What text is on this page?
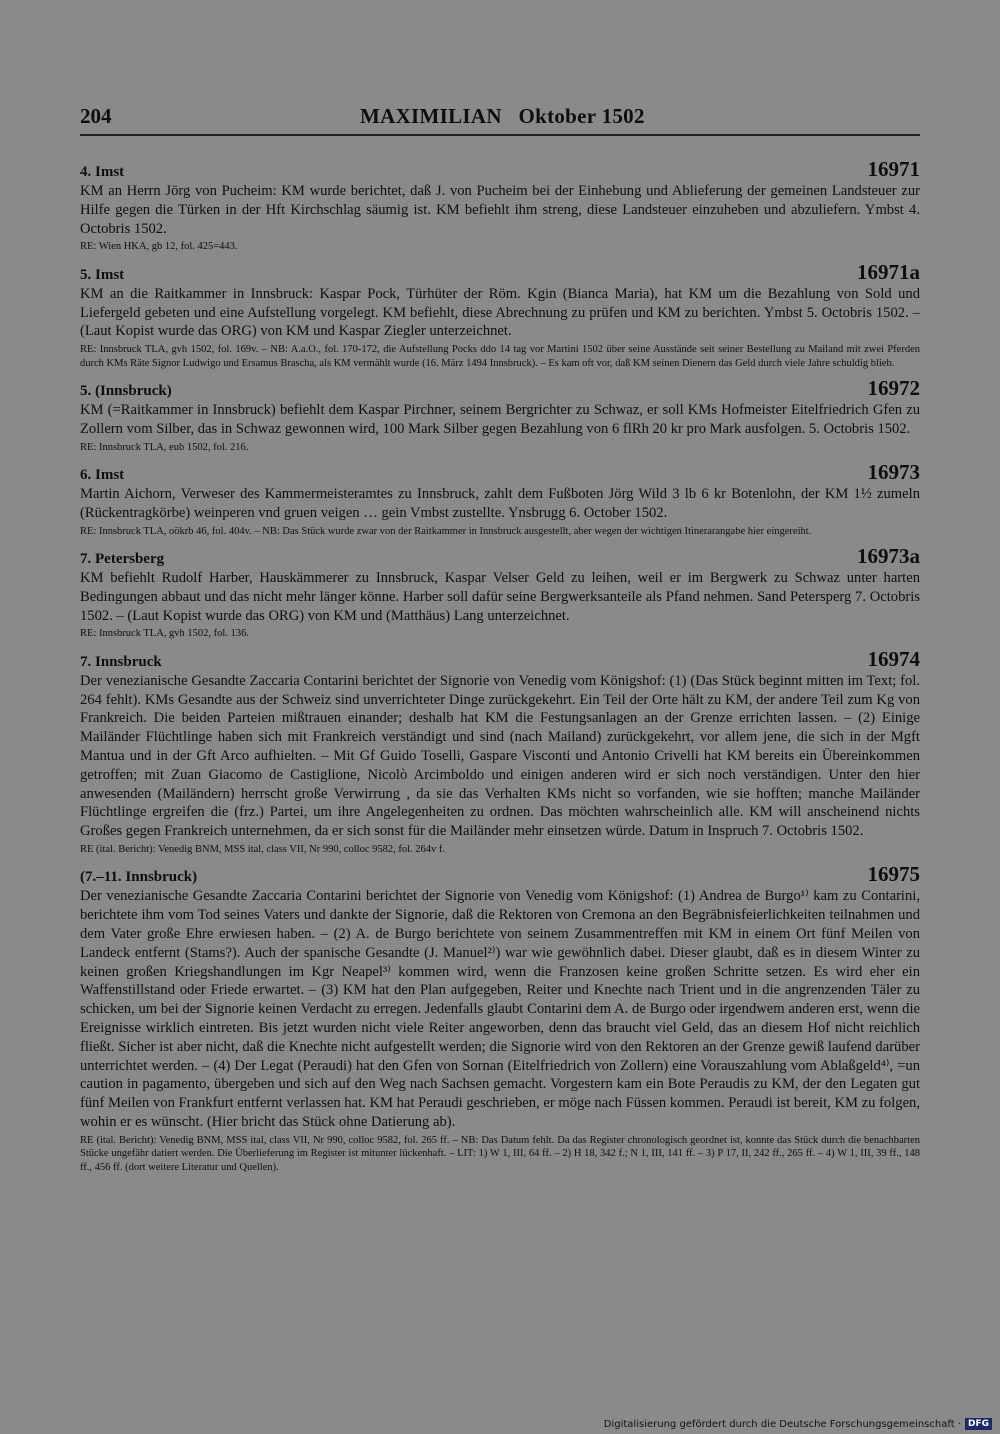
204	MAXIMILIAN   Oktober 1502
4. Imst	16971
KM an Herrn Jörg von Pucheim: KM wurde berichtet, daß J. von Pucheim bei der Einhebung und Ablieferung der gemeinen Landsteuer zur Hilfe gegen die Türken in der Hft Kirchschlag säumig ist. KM befiehlt ihm streng, diese Landsteuer einzuheben und abzuliefern. Ymbst 4. Octobris 1502.
RE: Wien HKA, gb 12, fol. 425=443.
5. Imst	16971a
KM an die Raitkammer in Innsbruck: Kaspar Pock, Türhüter der Röm. Kgin (Bianca Maria), hat KM um die Bezahlung von Sold und Liefergeld gebeten und eine Aufstellung vorgelegt. KM befiehlt, diese Abrechnung zu prüfen und KM zu berichten. Ymbst 5. Octobris 1502. – (Laut Kopist wurde das ORG) von KM und Kaspar Ziegler unterzeichnet.
RE: Innsbruck TLA, gvh 1502, fol. 169v. – NB: A.a.O., fol. 170-172, die Aufstellung Pocks ddo 14 tag vor Martini 1502 über seine Ausstände seit seiner Bestellung zu Mailand mit zwei Pferden durch KMs Räte Signor Ludwigo und Ersamus Brascha, als KM vermählt wurde (16. März 1494 Innsbruck). – Es kam oft vor, daß KM seinen Dienern das Geld durch viele Jahre schuldig blieb.
5. (Innsbruck)	16972
KM (=Raitkammer in Innsbruck) befiehlt dem Kaspar Pirchner, seinem Bergrichter zu Schwaz, er soll KMs Hofmeister Eitelfriedrich Gfen zu Zollern vom Silber, das in Schwaz gewonnen wird, 100 Mark Silber gegen Bezahlung von 6 flRh 20 kr pro Mark ausfolgen. 5. Octobris 1502.
RE: Innsbruck TLA, eub 1502, fol. 216.
6. Imst	16973
Martin Aichorn, Verweser des Kammermeisteramtes zu Innsbruck, zahlt dem Fußboten Jörg Wild 3 lb 6 kr Botenlohn, der KM 1½ zumeln (Rückentragkörbe) weinperen vnd gruen veigen … gein Vmbst zustellte. Ynsbrugg 6. October 1502.
RE: Innsbruck TLA, oökrb 46, fol. 404v. – NB: Das Stück wurde zwar von der Raitkammer in Innsbruck ausgestellt, aber wegen der wichtigen Itinerarangabe hier eingereiht.
7. Petersberg	16973a
KM befiehlt Rudolf Harber, Hauskämmerer zu Innsbruck, Kaspar Velser Geld zu leihen, weil er im Bergwerk zu Schwaz unter harten Bedingungen abbaut und das nicht mehr länger könne. Harber soll dafür seine Bergwerksanteile als Pfand nehmen. Sand Petersperg 7. Octobris 1502. – (Laut Kopist wurde das ORG) von KM und (Matthäus) Lang unterzeichnet.
RE: Innsbruck TLA, gvh 1502, fol. 136.
7. Innsbruck	16974
Der venezianische Gesandte Zaccaria Contarini berichtet der Signorie von Venedig vom Königshof: (1) (Das Stück beginnt mitten im Text; fol. 264 fehlt). KMs Gesandte aus der Schweiz sind unverrichteter Dinge zurückgekehrt. Ein Teil der Orte hält zu KM, der andere Teil zum Kg von Frankreich. Die beiden Parteien mißtrauen einander; deshalb hat KM die Festungsanlagen an der Grenze errichten lassen. – (2) Einige Mailänder Flüchtlinge haben sich mit Frankreich verständigt und sind (nach Mailand) zurückgekehrt, vor allem jene, die sich in der Mgft Mantua und in der Gft Arco aufhielten. – Mit Gf Guido Toselli, Gaspare Visconti und Antonio Crivelli hat KM bereits ein Übereinkommen getroffen; mit Zuan Giacomo de Castiglione, Nicolò Arcimboldo und einigen anderen wird er sich noch verständigen. Unter den hier anwesenden (Mailändern) herrscht große Verwirrung , da sie das Verhalten KMs nicht so vorfanden, wie sie hofften; manche Mailänder Flüchtlinge ergreifen die (frz.) Partei, um ihre Angelegenheiten zu ordnen. Das möchten wahrscheinlich alle. KM will anscheinend nichts Großes gegen Frankreich unternehmen, da er sich sonst für die Mailänder mehr einsetzen würde. Datum in Inspruch 7. Octobris 1502.
RE (ital. Bericht): Venedig BNM, MSS ital, class VII, Nr 990, colloc 9582, fol. 264v f.
(7.–11. Innsbruck)	16975
Der venezianische Gesandte Zaccaria Contarini berichtet der Signorie von Venedig vom Königshof: (1) Andrea de Burgo¹⁾ kam zu Contarini, berichtete ihm vom Tod seines Vaters und dankte der Signorie, daß die Rektoren von Cremona an den Begräbnisfeierlichkeiten teilnahmen und dem Vater große Ehre erwiesen haben. – (2) A. de Burgo berichtete von seinem Zusammentreffen mit KM in einem Ort fünf Meilen von Landeck entfernt (Stams?). Auch der spanische Gesandte (J. Manuel²⁾) war wie gewöhnlich dabei. Dieser glaubt, daß es in diesem Winter zu keinen großen Kriegshandlungen im Kgr Neapel³⁾ kommen wird, wenn die Franzosen keine großen Schritte setzen. Es wird eher ein Waffenstillstand oder Friede erwartet. – (3) KM hat den Plan aufgegeben, Reiter und Knechte nach Trient und in die angrenzenden Täler zu schicken, um bei der Signorie keinen Verdacht zu erregen. Jedenfalls glaubt Contarini dem A. de Burgo oder irgendwem anderen erst, wenn die Ereignisse wirklich eintreten. Bis jetzt wurden nicht viele Reiter angeworben, denn das braucht viel Geld, das an diesem Hof nicht reichlich fließt. Sicher ist aber nicht, daß die Knechte nicht aufgestellt werden; die Signorie wird von den Rektoren an der Grenze gewiß laufend darüber unterrichtet werden. – (4) Der Legat (Peraudi) hat den Gfen von Sornan (Eitelfriedrich von Zollern) eine Vorauszahlung vom Ablaßgeld⁴⁾, =un caution in pagamento, übergeben und sich auf den Weg nach Sachsen gemacht. Vorgestern kam ein Bote Peraudis zu KM, der den Legaten gut fünf Meilen von Frankfurt entfernt verlassen hat. KM hat Peraudi geschrieben, er möge nach Füssen kommen. Peraudi ist bereit, KM zu folgen, wohin er es wünscht. (Hier bricht das Stück ohne Datierung ab).
RE (ital. Bericht): Venedig BNM, MSS ital, class VII, Nr 990, colloc 9582, fol. 265 ff. – NB: Das Datum fehlt. Da das Register chronologisch geordnet ist, konnte das Stück durch die benachbarten Stücke ungefähr datiert werden. Die Überlieferung im Register ist mitunter lückenhaft. – LIT: 1) W 1, III, 64 ff. – 2) H 18, 342 f.; N 1, III, 141 ff. – 3) P 17, II, 242 ff., 265 ff. – 4) W 1, III, 39 ff., 148 ff., 456 ff. (dort weitere Literatur und Quellen).
Digitalisierung gefördert durch die Deutsche Forschungsgemeinschaft · DFG
